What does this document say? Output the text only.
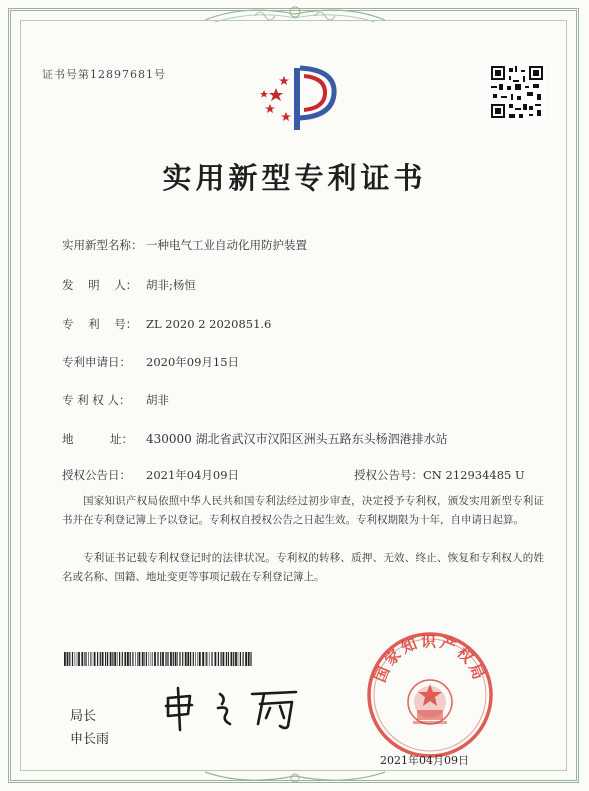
证书号第12897681号
实用新型专利证书
实用新型名称： 一种电气工业自动化用防护装置
发    明    人： 胡非;杨恒
专    利    号： ZL 2020 2 2020851.6
专利申请日： 2020年09月15日
专 利 权 人： 胡非
地          址： 430000 湖北省武汉市汉阳区洲头五路东头杨泗港排水站
授权公告日： 2021年04月09日	授权公告号：CN 212934485 U
国家知识产权局依照中华人民共和国专利法经过初步审查，决定授予专利权，颁发实用新型专利证书并在专利登记簿上予以登记。专利权自授权公告之日起生效。专利权期限为十年，自申请日起算。
专利证书记载专利权登记时的法律状况。专利权的转移、质押、无效、终止、恢复和专利权人的姓名或名称、国籍、地址变更等事项记载在专利登记簿上。
局长
申长雨
国家知识产权局
2021年04月09日
